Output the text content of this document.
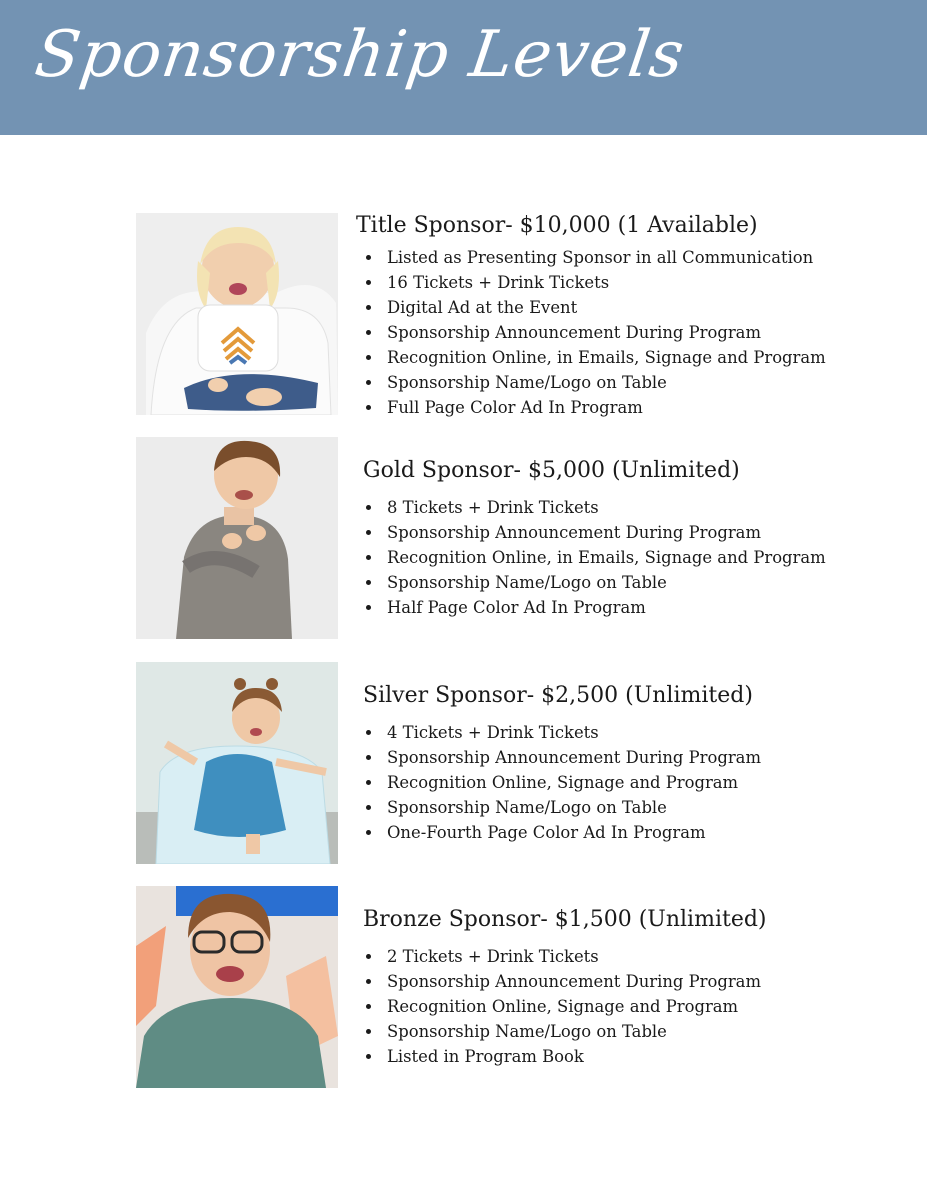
Sponsorship Levels
Title Sponsor- $10,000 (1 Available)
Listed as Presenting Sponsor in all Communication
16 Tickets + Drink Tickets
Digital Ad at the Event
Sponsorship Announcement During Program
Recognition Online, in Emails, Signage and Program
Sponsorship Name/Logo on Table
Full Page Color Ad In Program
Gold Sponsor- $5,000 (Unlimited)
8 Tickets + Drink Tickets
Sponsorship Announcement During Program
Recognition Online, in Emails, Signage and Program
Sponsorship Name/Logo on Table
Half Page Color Ad In Program
Silver Sponsor- $2,500 (Unlimited)
4 Tickets + Drink Tickets
Sponsorship Announcement During Program
Recognition Online, Signage and Program
Sponsorship Name/Logo on Table
One-Fourth Page Color Ad In Program
Bronze Sponsor- $1,500 (Unlimited)
2 Tickets + Drink Tickets
Sponsorship Announcement During Program
Recognition Online, Signage and Program
Sponsorship Name/Logo on Table
Listed in Program Book
